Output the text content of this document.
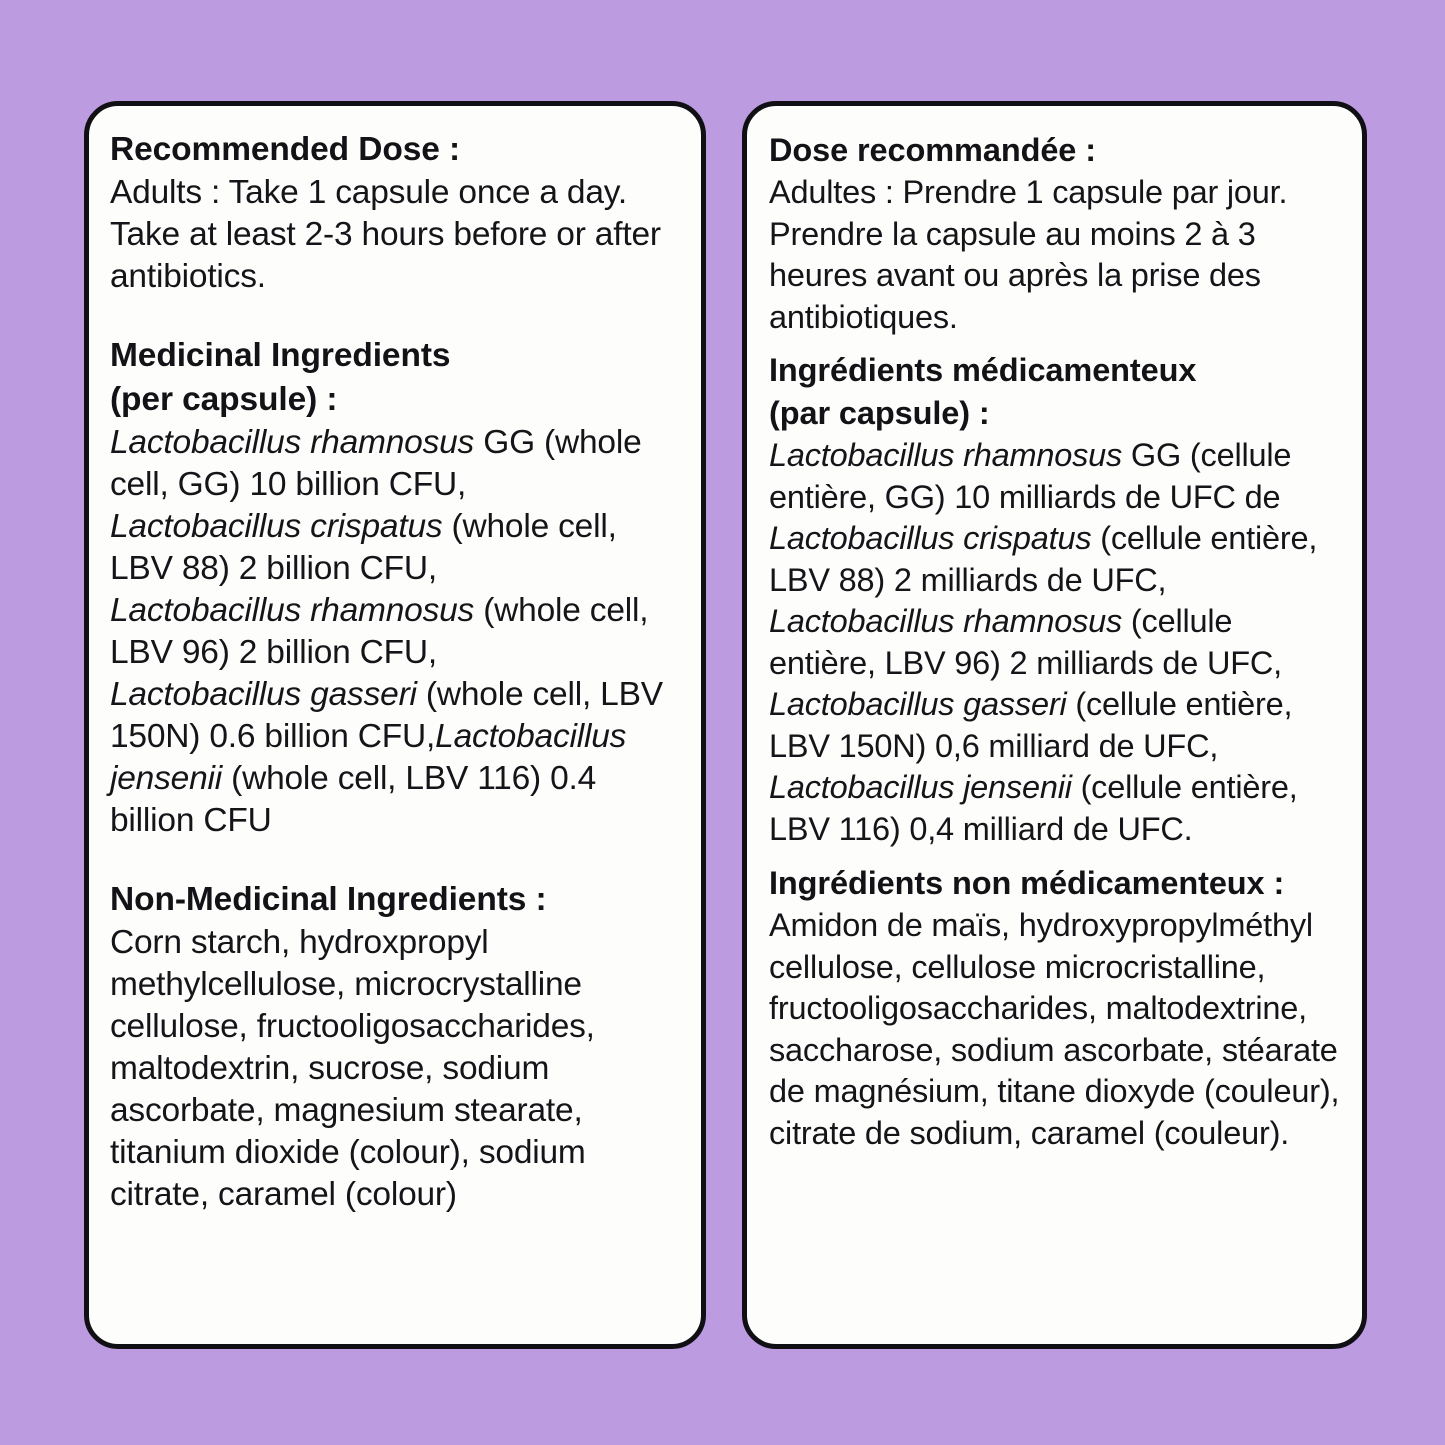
Recommended Dose :
Adults : Take 1 capsule once a day. Take at least 2-3 hours before or after antibiotics.
Medicinal Ingredients
(per capsule) :
Lactobacillus rhamnosus GG (whole cell, GG) 10 billion CFU,
Lactobacillus crispatus (whole cell, LBV 88) 2 billion CFU,
Lactobacillus rhamnosus (whole cell, LBV 96) 2 billion CFU,
Lactobacillus gasseri (whole cell, LBV 150N) 0.6 billion CFU,Lactobacillus jensenii (whole cell, LBV 116) 0.4 billion CFU
Non-Medicinal Ingredients :
Corn starch, hydroxpropyl methylcellulose, microcrystalline cellulose, fructooligosaccharides, maltodextrin, sucrose, sodium ascorbate, magnesium stearate, titanium dioxide (colour), sodium citrate, caramel (colour)
Dose recommandée :
Adultes : Prendre 1 capsule par jour. Prendre la capsule au moins 2 à 3 heures avant ou après la prise des antibiotiques.
Ingrédients médicamenteux
(par capsule) :
Lactobacillus rhamnosus GG (cellule entière, GG) 10 milliards de UFC de Lactobacillus crispatus (cellule entière, LBV 88) 2 milliards de UFC, Lactobacillus rhamnosus (cellule entière, LBV 96) 2 milliards de UFC, Lactobacillus gasseri (cellule entière, LBV 150N) 0,6 milliard de UFC, Lactobacillus jensenii (cellule entière, LBV 116) 0,4 milliard de UFC.
Ingrédients non médicamenteux :
Amidon de maïs, hydroxypropylméthyl cellulose, cellulose microcristalline, fructooligosaccharides, maltodextrine, saccharose, sodium ascorbate, stéarate de magnésium, titane dioxyde (couleur), citrate de sodium, caramel (couleur).
